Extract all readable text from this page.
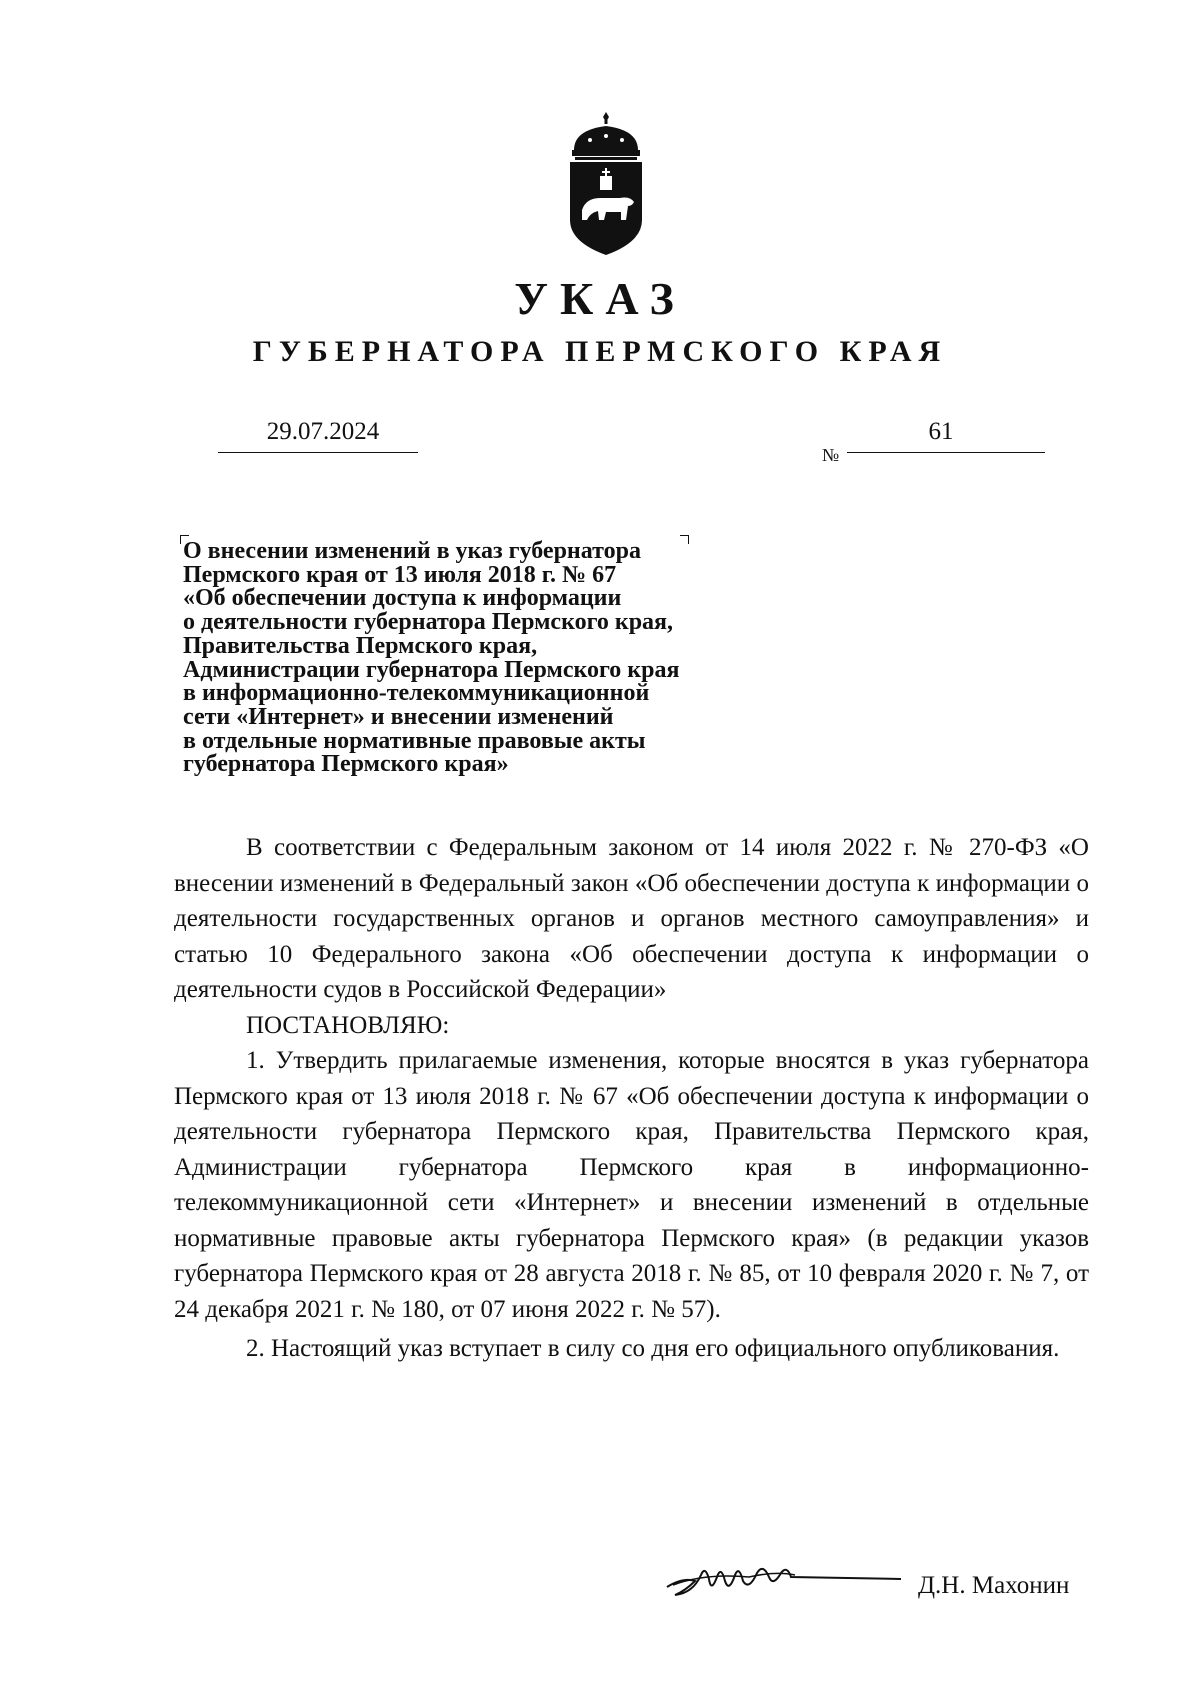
УКАЗ
ГУБЕРНАТОРА ПЕРМСКОГО КРАЯ
29.07.2024
№
61
О внесении изменений в указ губернатора
Пермского края от 13 июля 2018 г. № 67
«Об обеспечении доступа к информации
о деятельности губернатора Пермского края,
Правительства Пермского края,
Администрации губернатора Пермского края
в информационно-телекоммуникационной
сети «Интернет» и внесении изменений
в отдельные нормативные правовые акты
губернатора Пермского края»

В соответствии с Федеральным законом от 14 июля 2022 г. № 270-ФЗ «О внесении изменений в Федеральный закон «Об обеспечении доступа к информации о деятельности государственных органов и органов местного самоуправления» и статью 10 Федерального закона «Об обеспечении доступа к информации о деятельности судов в Российской Федерации»

ПОСТАНОВЛЯЮ:

1. Утвердить прилагаемые изменения, которые вносятся в указ губернатора Пермского края от 13 июля 2018 г. № 67 «Об обеспечении доступа к информации о деятельности губернатора Пермского края, Правительства Пермского края, Администрации губернатора Пермского края в информационно-телекоммуникационной сети «Интернет» и внесении изменений в отдельные нормативные правовые акты губернатора Пермского края» (в редакции указов губернатора Пермского края от 28 августа 2018 г. № 85, от 10 февраля 2020 г. № 7, от 24 декабря 2021 г. № 180, от 07 июня 2022 г. № 57).

2. Настоящий указ вступает в силу со дня его официального опубликования.

Д.Н. Махонин
